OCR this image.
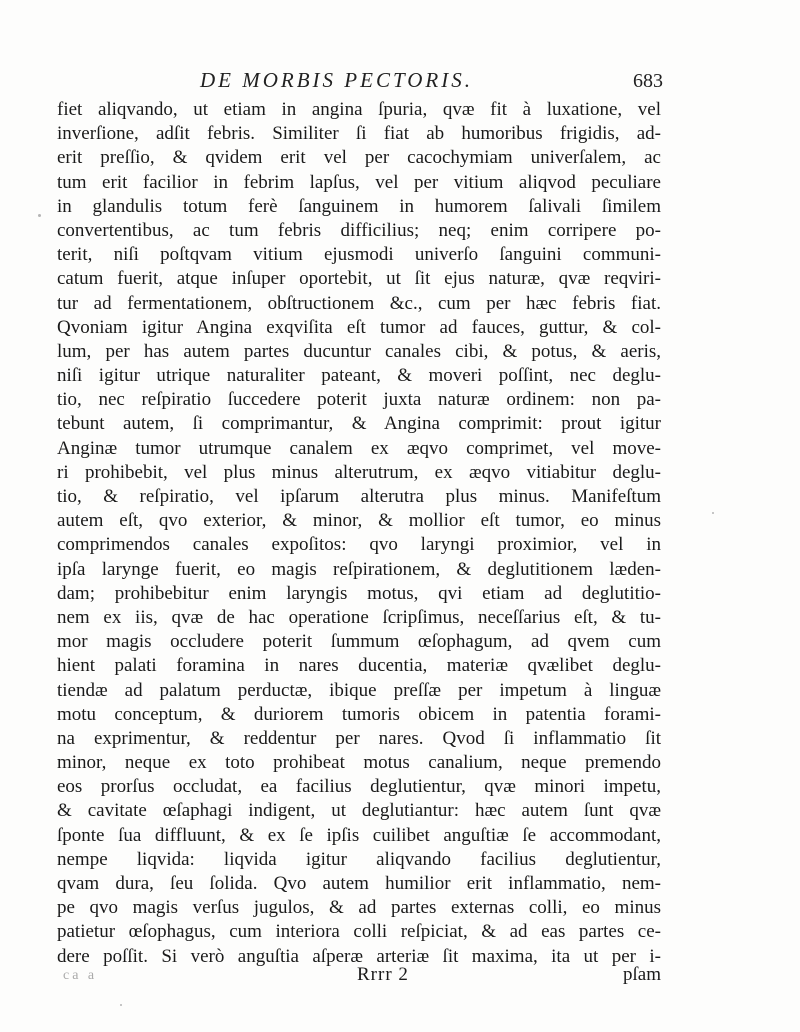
DE MORBIS PECTORIS.	683
fiet aliqvando, ut etiam in angina ſpuria, qvæ fit à luxatione, vel
inverſione, adſit febris. Similiter ſi fiat ab humoribus frigidis, ad-
erit preſſio, & qvidem erit vel per cacochymiam univerſalem, ac
tum erit facilior in febrim lapſus, vel per vitium aliqvod peculiare
in glandulis totum ferè ſanguinem in humorem ſalivali ſimilem
convertentibus, ac tum febris difficilius; neq; enim corripere po-
terit, niſi poſtqvam vitium ejusmodi univerſo ſanguini communi-
catum fuerit, atque inſuper oportebit, ut ſit ejus naturæ, qvæ reqviri-
tur ad fermentationem, obſtructionem &c., cum per hæc febris fiat.
Qvoniam igitur Angina exqviſita eſt tumor ad fauces, guttur, & col-
lum, per has autem partes ducuntur canales cibi, & potus, & aeris,
niſi igitur utrique naturaliter pateant, & moveri poſſint, nec deglu-
tio, nec reſpiratio ſuccedere poterit juxta naturæ ordinem: non pa-
tebunt autem, ſi comprimantur, & Angina comprimit: prout igitur
Anginæ tumor utrumque canalem ex æqvo comprimet, vel move-
ri prohibebit, vel plus minus alterutrum, ex æqvo vitiabitur deglu-
tio, & reſpiratio, vel ipſarum alterutra plus minus. Manifeſtum
autem eſt, qvo exterior, & minor, & mollior eſt tumor, eo minus
comprimendos canales expoſitos: qvo laryngi proximior, vel in
ipſa larynge fuerit, eo magis reſpirationem, & deglutitionem læden-
dam; prohibebitur enim laryngis motus, qvi etiam ad deglutitio-
nem ex iis, qvæ de hac operatione ſcripſimus, neceſſarius eſt, & tu-
mor magis occludere poterit ſummum œſophagum, ad qvem cum
hient palati foramina in nares ducentia, materiæ qvælibet deglu-
tiendæ ad palatum perductæ, ibique preſſæ per impetum à linguæ
motu conceptum, & duriorem tumoris obicem in patentia forami-
na exprimentur, & reddentur per nares. Qvod ſi inflammatio ſit
minor, neque ex toto prohibeat motus canalium, neque premendo
eos prorſus occludat, ea facilius deglutientur, qvæ minori impetu,
& cavitate œſaphagi indigent, ut deglutiantur: hæc autem ſunt qvæ
ſponte ſua diffluunt, & ex ſe ipſis cuilibet anguſtiæ ſe accommodant,
nempe liqvida: liqvida igitur aliqvando facilius deglutientur,
qvam dura, ſeu ſolida. Qvo autem humilior erit inflammatio, nem-
pe qvo magis verſus jugulos, & ad partes externas colli, eo minus
patietur œſophagus, cum interiora colli reſpiciat, & ad eas partes ce-
dere poſſit. Si verò anguſtia aſperæ arteriæ ſit maxima, ita ut per i-
ca a	Rrrr 2	pſam
